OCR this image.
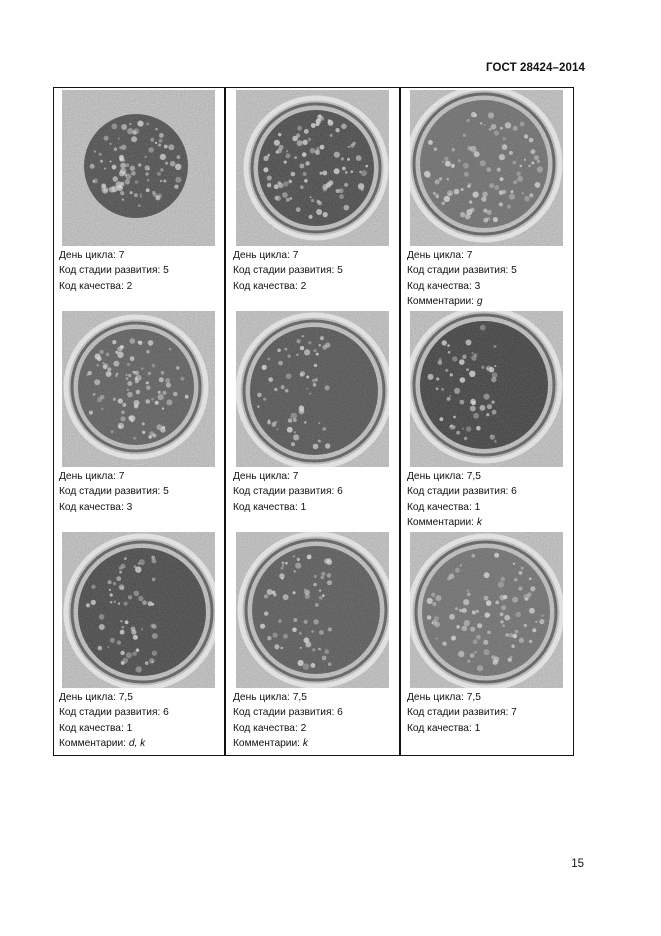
ГОСТ 28424–2014
День цикла: 7
Код стадии развития: 5
Код качества: 2
День цикла: 7
Код стадии развития: 5
Код качества: 2
День цикла: 7
Код стадии развития: 5
Код качества: 3
Комментарии: g
День цикла: 7
Код стадии развития: 5
Код качества: 3
День цикла: 7
Код стадии развития: 6
Код качества: 1
День цикла: 7,5
Код стадии развития: 6
Код качества: 1
Комментарии: k
День цикла: 7,5
Код стадии развития: 6
Код качества: 1
Комментарии: d, k
День цикла: 7,5
Код стадии развития: 6
Код качества: 2
Комментарии: k
День цикла: 7,5
Код стадии развития: 7
Код качества: 1
15
